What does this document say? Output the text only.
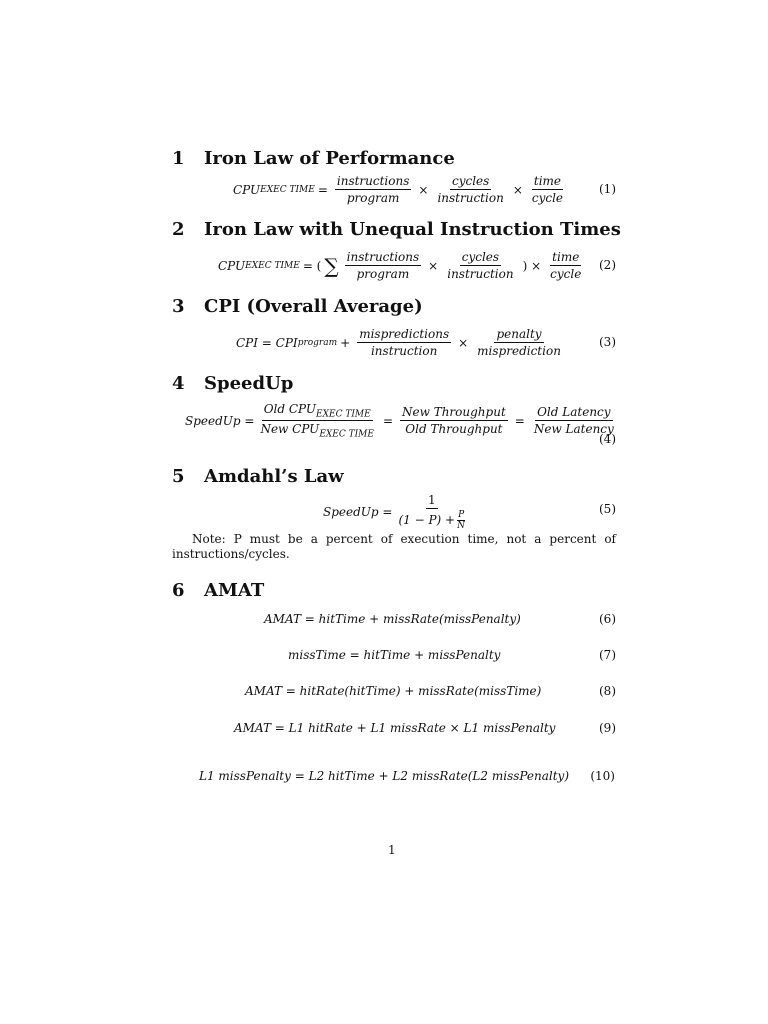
1 Iron Law of Performance
2 Iron Law with Unequal Instruction Times
3 CPI (Overall Average)
4 SpeedUp
5 Amdahl’s Law
6 AMAT
CPU EXEC TIME = $\frac{\text{instructions}}{\text{program}} \times \frac{\text{cycles}}{\text{instruction}} \times \frac{\text{time}}{\text{cycle}}$	(1)
CPU EXEC TIME = ( ∑ $\frac{\text{instructions}}{\text{program}} \times \frac{\text{cycles}}{\text{instruction}}$ ) × $\frac{\text{time}}{\text{cycle}} (2)$
CPI = CPI program + $\frac{\text{mispredictions}}{\text{instruction}} \times \frac{\text{penalty}}{\text{misprediction}}$	(3)
SpeedUp = $\frac{Old CPU_{EXEC TIME}}{New CPU_{EXEC TIME}} = \frac{\text{New Throughput}}{\text{Old Throughput}} = \frac{\text{Old Latency}}{\text{New Latency}}$
(4)
SpeedUp = $\frac{1}{(1 - P) + \frac{P}{N}}$	(5)
Note: P must be a percent of execution time, not a percent of instructions/cycles.
AMAT = hitTime + missRate(missPenalty)	(6)
missTime = hitTime + missPenalty	(7)
AMAT = hitRate(hitTime) + missRate(missTime)	(8)
AMAT = L1 hitRate + L1 missRate × L1 missPenalty	(9)
L1 missPenalty = L2 hitTime + L2 missRate(L2 missPenalty) (10)
1
